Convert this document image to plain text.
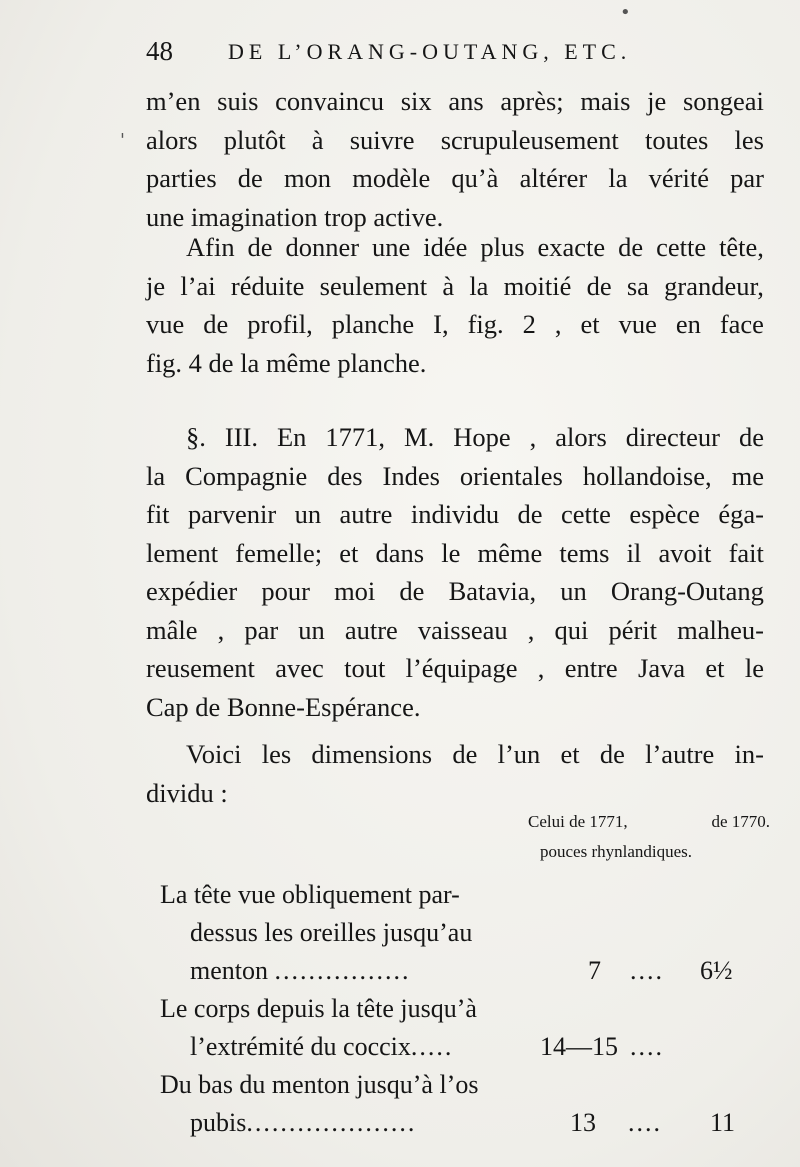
48	DE L’ORANG-OUTANG, ETC.
m’en suis convaincu six ans après; mais je songeai
alors plutôt à suivre scrupuleusement toutes les
parties de mon modèle qu’à altérer la vérité par
une imagination trop active.
Afin de donner une idée plus exacte de cette tête,
je l’ai réduite seulement à la moitié de sa grandeur,
vue de profil, planche I, fig. 2 , et vue en face
fig. 4 de la même planche.
§. III. En 1771, M. Hope , alors directeur de
la Compagnie des Indes orientales hollandoise, me
fit parvenir un autre individu de cette espèce éga-
lement femelle; et dans le même tems il avoit fait
expédier pour moi de Batavia, un Orang-Outang
mâle , par un autre vaisseau , qui périt malheu-
reusement avec tout l’équipage , entre Java et le
Cap de Bonne-Espérance.
Voici les dimensions de l’un et de l’autre in-
dividu :
Celui de 1771,	de 1770.
pouces rhynlandiques.
La tête vue obliquement par-
dessus les oreilles jusqu’au
menton ................	7 .... 6½
Le corps depuis la tête jusqu’à
l’extrémité du coccix.....	14—15 ....
Du bas du menton jusqu’à l’os
pubis....................	13 .... 11
'
•
